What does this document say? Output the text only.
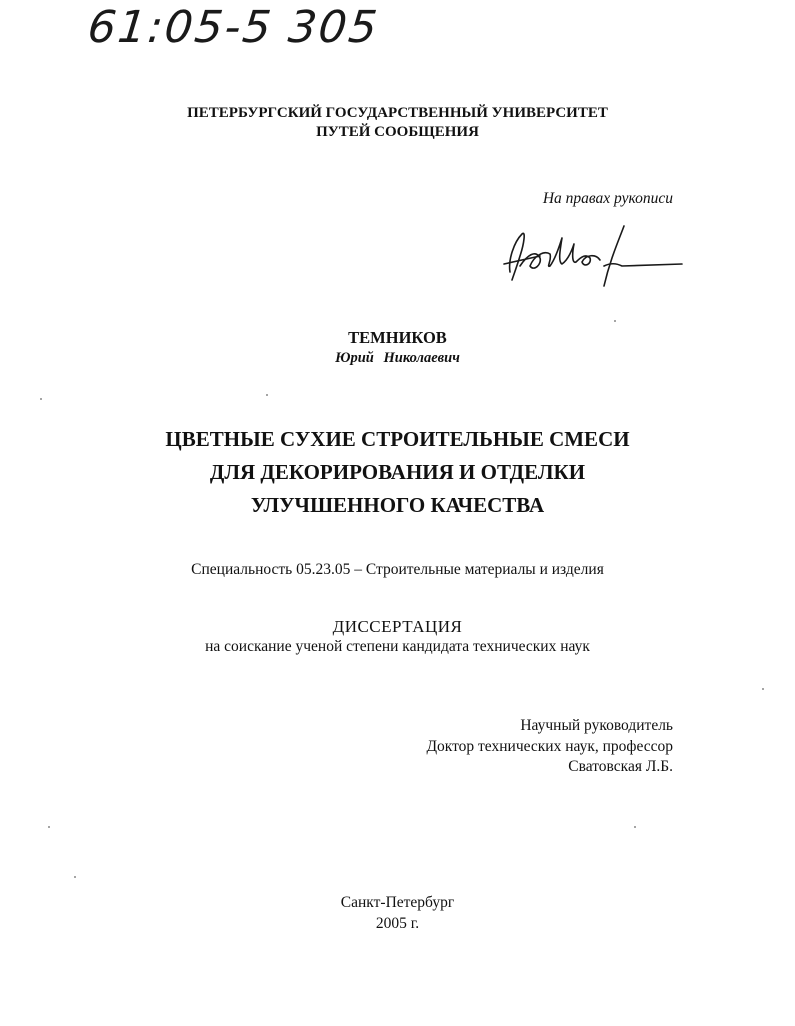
61:05-5 305
ПЕТЕРБУРГСКИЙ ГОСУДАРСТВЕННЫЙ УНИВЕРСИТЕТ
ПУТЕЙ СООБЩЕНИЯ
На правах рукописи
ТЕМНИКОВ
Юрий Николаевич
ЦВЕТНЫЕ СУХИЕ СТРОИТЕЛЬНЫЕ СМЕСИ
ДЛЯ ДЕКОРИРОВАНИЯ И ОТДЕЛКИ
УЛУЧШЕННОГО КАЧЕСТВА
Специальность 05.23.05 – Строительные материалы и изделия
ДИССЕРТАЦИЯ
на соискание ученой степени кандидата технических наук
Научный руководитель
Доктор технических наук, профессор
Сватовская Л.Б.
Санкт-Петербург
2005 г.
